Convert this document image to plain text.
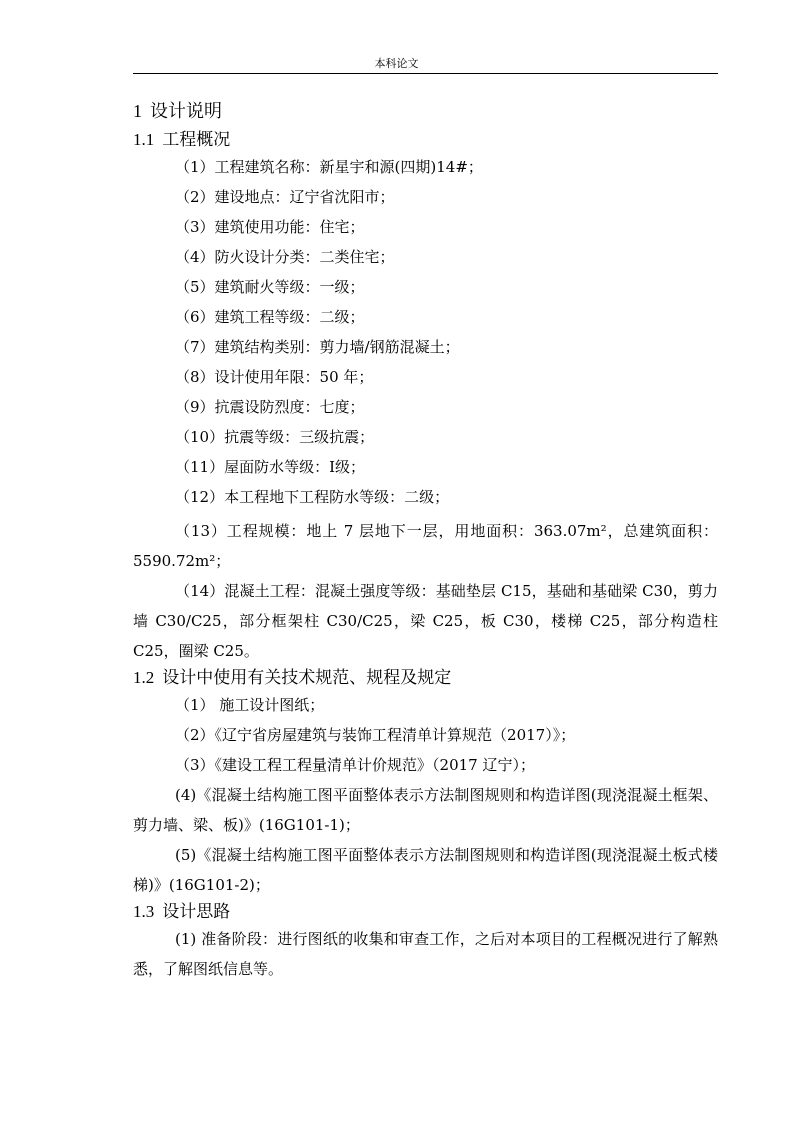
本科论文
1 设计说明
1.1 工程概况

（1）工程建筑名称：新星宇和源(四期)14#；

（2）建设地点：辽宁省沈阳市；

（3）建筑使用功能：住宅；

（4）防火设计分类：二类住宅；

（5）建筑耐火等级：一级；

（6）建筑工程等级：二级；

（7）建筑结构类别：剪力墙/钢筋混凝土；

（8）设计使用年限：50 年；

（9）抗震设防烈度：七度；

（10）抗震等级：三级抗震；

（11）屋面防水等级：I级；

（12）本工程地下工程防水等级：二级；

（13）工程规模：地上 7 层地下一层，用地面积：363.07m²，总建筑面积：5590.72m²；

（14）混凝土工程：混凝土强度等级：基础垫层 C15，基础和基础梁 C30，剪力墙 C30/C25，部分框架柱 C30/C25，梁 C25，板 C30，楼梯 C25，部分构造柱 C25，圈梁 C25。

1.2 设计中使用有关技术规范、规程及规定

（1） 施工设计图纸；

（2）《辽宁省房屋建筑与装饰工程清单计算规范（2017）》；

（3）《建设工程工程量清单计价规范》（2017 辽宁）；

(4)《混凝土结构施工图平面整体表示方法制图规则和构造详图(现浇混凝土框架、剪力墙、梁、板)》(16G101-1)；

(5)《混凝土结构施工图平面整体表示方法制图规则和构造详图(现浇混凝土板式楼梯)》(16G101-2)；

1.3 设计思路

(1) 准备阶段：进行图纸的收集和审查工作，之后对本项目的工程概况进行了解熟悉，了解图纸信息等。
